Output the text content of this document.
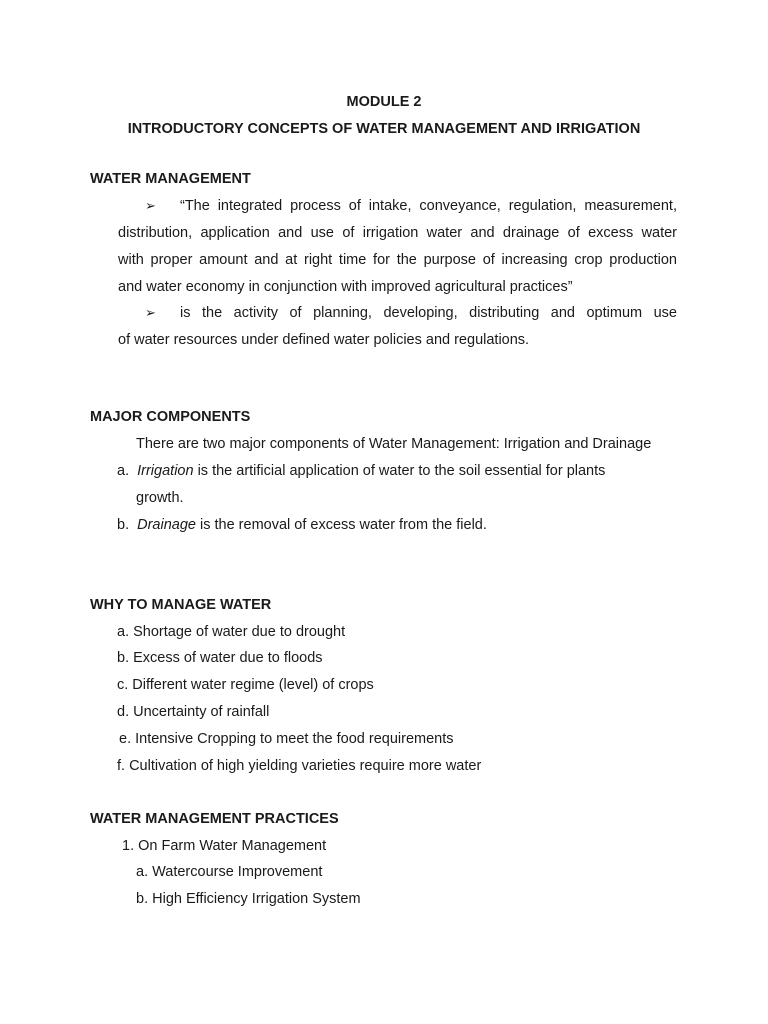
MODULE 2
INTRODUCTORY CONCEPTS OF WATER MANAGEMENT AND IRRIGATION
WATER MANAGEMENT
➢ “The integrated process of intake, conveyance, regulation, measurement,
distribution, application and use of irrigation water and drainage of excess water
with proper amount and at right time for the purpose of increasing crop production
and water economy in conjunction with improved agricultural practices”
➢ is the activity of planning, developing, distributing and optimum use
of water resources under defined water policies and regulations.
MAJOR COMPONENTS
There are two major components of Water Management: Irrigation and Drainage
a. Irrigation is the artificial application of water to the soil essential for plants
growth.
b. Drainage is the removal of excess water from the field.
WHY TO MANAGE WATER
a. Shortage of water due to drought
b. Excess of water due to floods
c. Different water regime (level) of crops
d. Uncertainty of rainfall
e. Intensive Cropping to meet the food requirements
f. Cultivation of high yielding varieties require more water
WATER MANAGEMENT PRACTICES
1. On Farm Water Management
a. Watercourse Improvement
b. High Efficiency Irrigation System
